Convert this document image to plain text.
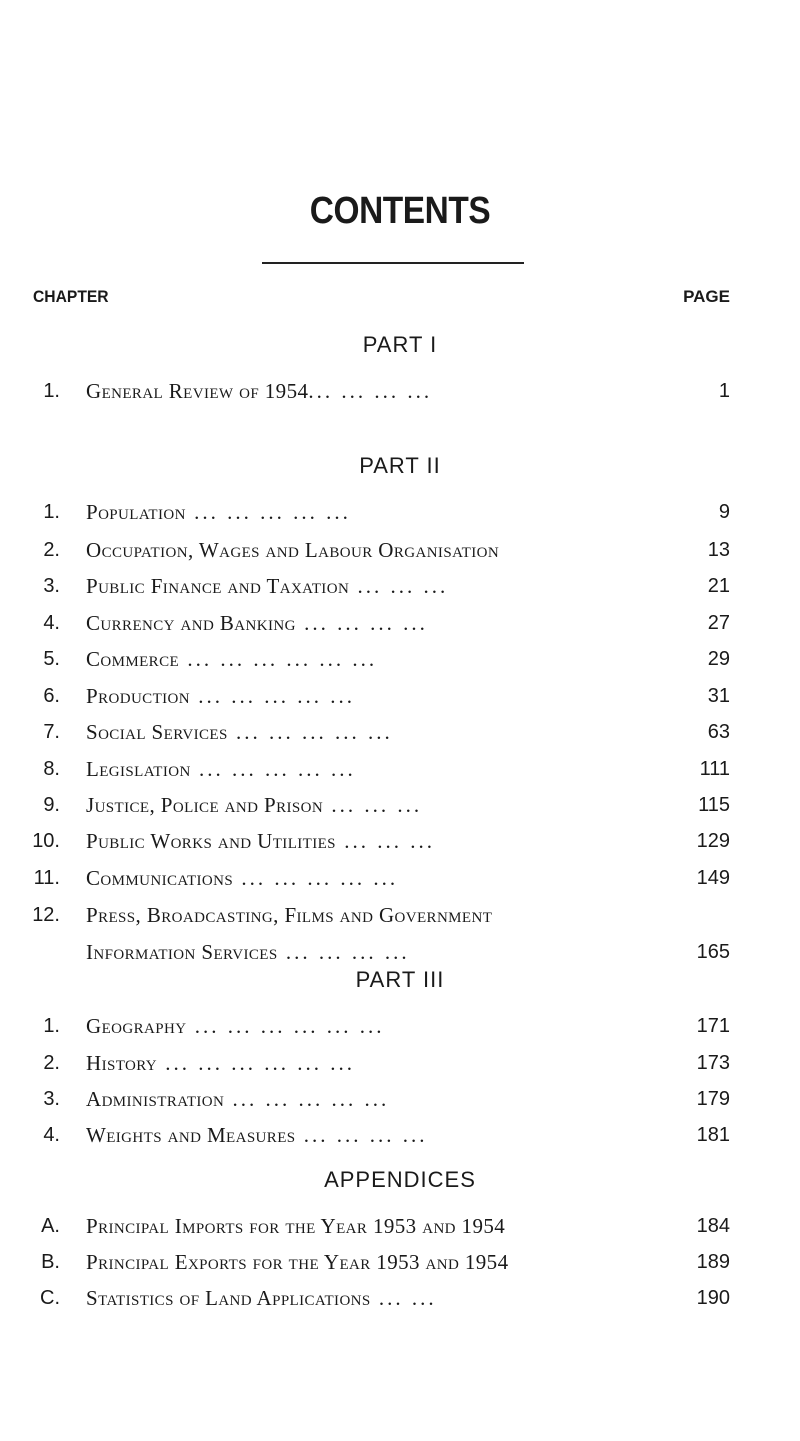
CONTENTS
CHAPTER	PAGE
PART I
1. General Review of 1954... ... ... ...	1
PART II
1. Population ... ... ... ... ...	9
2. Occupation, Wages and Labour Organisation	13
3. Public Finance and Taxation ... ... ...	21
4. Currency and Banking ... ... ... ...	27
5. Commerce ... ... ... ... ... ...	29
6. Production ... ... ... ... ...	31
7. Social Services ... ... ... ... ...	63
8. Legislation ... ... ... ... ...	111
9. Justice, Police and Prison ... ... ...	115
10. Public Works and Utilities ... ... ...	129
11. Communications ... ... ... ... ...	149
12. Press, Broadcasting, Films and Government
Information Services ... ... ... ...	165
PART III
1. Geography ... ... ... ... ... ...	171
2. History ... ... ... ... ... ...	173
3. Administration ... ... ... ... ...	179
4. Weights and Measures ... ... ... ...	181
APPENDICES
A. Principal Imports for the Year 1953 and 1954	184
B. Principal Exports for the Year 1953 and 1954	189
C. Statistics of Land Applications ... ...	190
